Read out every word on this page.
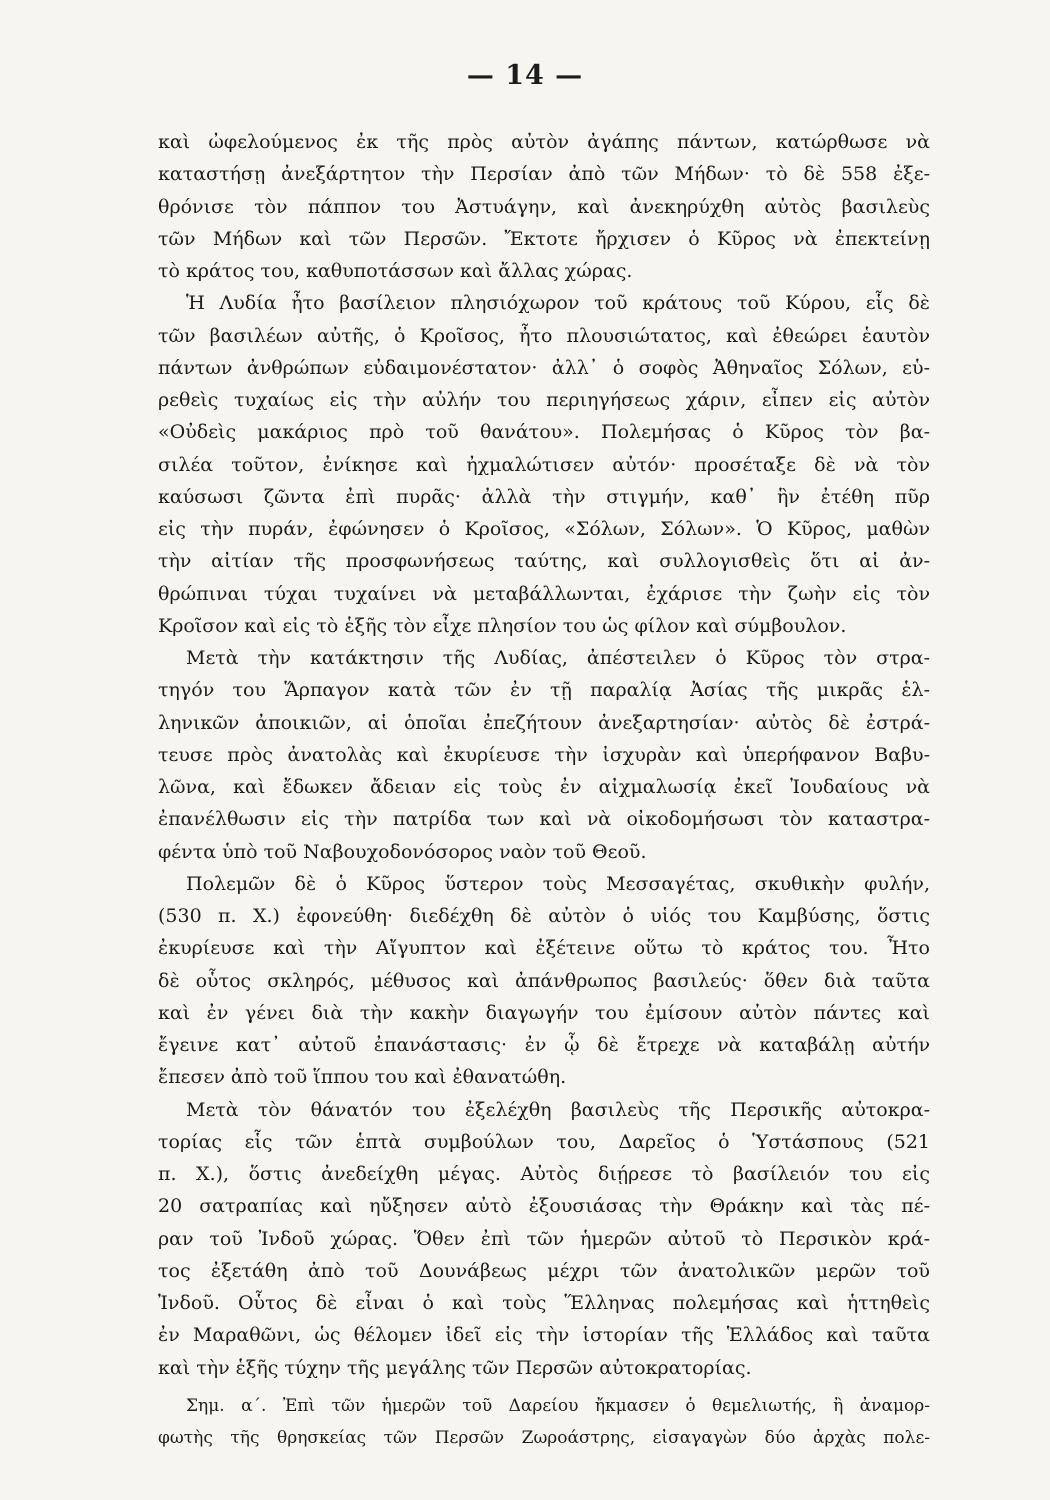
— 14 —
καὶ ὠφελούμενος ἐκ τῆς πρὸς αὐτὸν ἀγάπης πάντων, κατώρθωσε νὰ
καταστήσῃ ἀνεξάρτητον τὴν Περσίαν ἀπὸ τῶν Μήδων· τὸ δὲ 558 ἐξε-
θρόνισε τὸν πάππον του Ἀστυάγην, καὶ ἀνεκηρύχθη αὐτὸς βασιλεὺς
τῶν Μήδων καὶ τῶν Περσῶν. Ἔκτοτε ἤρχισεν ὁ Κῦρος νὰ ἐπεκτείνῃ
τὸ κράτος του, καθυποτάσσων καὶ ἄλλας χώρας.
Ἡ Λυδία ἦτο βασίλειον πλησιόχωρον τοῦ κράτους τοῦ Κύρου, εἷς δὲ
τῶν βασιλέων αὐτῆς, ὁ Κροῖσος, ἦτο πλουσιώτατος, καὶ ἐθεώρει ἑαυτὸν
πάντων ἀνθρώπων εὐδαιμονέστατον· ἀλλ᾽ ὁ σοφὸς Ἀθηναῖος Σόλων, εὑ-
ρεθεὶς τυχαίως εἰς τὴν αὐλήν του περιηγήσεως χάριν, εἶπεν εἰς αὐτὸν
«Οὐδεὶς μακάριος πρὸ τοῦ θανάτου». Πολεμήσας ὁ Κῦρος τὸν βα-
σιλέα τοῦτον, ἐνίκησε καὶ ἠχμαλώτισεν αὐτόν· προσέταξε δὲ νὰ τὸν
καύσωσι ζῶντα ἐπὶ πυρᾶς· ἀλλὰ τὴν στιγμήν, καθ᾽ ἣν ἐτέθη πῦρ
εἰς τὴν πυράν, ἐφώνησεν ὁ Κροῖσος, «Σόλων, Σόλων». Ὁ Κῦρος, μαθὼν
τὴν αἰτίαν τῆς προσφωνήσεως ταύτης, καὶ συλλογισθεὶς ὅτι αἱ ἀν-
θρώπιναι τύχαι τυχαίνει νὰ μεταβάλλωνται, ἐχάρισε τὴν ζωὴν εἰς τὸν
Κροῖσον καὶ εἰς τὸ ἑξῆς τὸν εἶχε πλησίον του ὡς φίλον καὶ σύμβουλον.
Μετὰ τὴν κατάκτησιν τῆς Λυδίας, ἀπέστειλεν ὁ Κῦρος τὸν στρα-
τηγόν του Ἅρπαγον κατὰ τῶν ἐν τῇ παραλίᾳ Ἀσίας τῆς μικρᾶς ἑλ-
ληνικῶν ἀποικιῶν, αἱ ὁποῖαι ἐπεζήτουν ἀνεξαρτησίαν· αὐτὸς δὲ ἐστρά-
τευσε πρὸς ἀνατολὰς καὶ ἐκυρίευσε τὴν ἰσχυρὰν καὶ ὑπερήφανον Βαβυ-
λῶνα, καὶ ἔδωκεν ἄδειαν εἰς τοὺς ἐν αἰχμαλωσίᾳ ἐκεῖ Ἰουδαίους νὰ
ἐπανέλθωσιν εἰς τὴν πατρίδα των καὶ νὰ οἰκοδομήσωσι τὸν καταστρα-
φέντα ὑπὸ τοῦ Ναβουχοδονόσορος ναὸν τοῦ Θεοῦ.
Πολεμῶν δὲ ὁ Κῦρος ὕστερον τοὺς Μεσσαγέτας, σκυθικὴν φυλήν,
(530 π. Χ.) ἐφονεύθη· διεδέχθη δὲ αὐτὸν ὁ υἱός του Καμβύσης, ὅστις
ἐκυρίευσε καὶ τὴν Αἴγυπτον καὶ ἐξέτεινε οὕτω τὸ κράτος του. Ἦτο
δὲ οὗτος σκληρός, μέθυσος καὶ ἀπάνθρωπος βασιλεύς· ὅθεν διὰ ταῦτα
καὶ ἐν γένει διὰ τὴν κακὴν διαγωγήν του ἐμίσουν αὐτὸν πάντες καὶ
ἔγεινε κατ᾽ αὐτοῦ ἐπανάστασις· ἐν ᾧ δὲ ἔτρεχε νὰ καταβάλῃ αὐτήν
ἔπεσεν ἀπὸ τοῦ ἵππου του καὶ ἐθανατώθη.
Μετὰ τὸν θάνατόν του ἐξελέχθη βασιλεὺς τῆς Περσικῆς αὐτοκρα-
τορίας εἷς τῶν ἑπτὰ συμβούλων του, Δαρεῖος ὁ Ὑστάσπους (521
π. Χ.), ὅστις ἀνεδείχθη μέγας. Αὐτὸς διῄρεσε τὸ βασίλειόν του εἰς
20 σατραπίας καὶ ηὔξησεν αὐτὸ ἐξουσιάσας τὴν Θράκην καὶ τὰς πέ-
ραν τοῦ Ἰνδοῦ χώρας. Ὅθεν ἐπὶ τῶν ἡμερῶν αὐτοῦ τὸ Περσικὸν κρά-
τος ἐξετάθη ἀπὸ τοῦ Δουνάβεως μέχρι τῶν ἀνατολικῶν μερῶν τοῦ
Ἰνδοῦ. Οὗτος δὲ εἶναι ὁ καὶ τοὺς Ἕλληνας πολεμήσας καὶ ἡττηθεὶς
ἐν Μαραθῶνι, ὡς θέλομεν ἰδεῖ εἰς τὴν ἱστορίαν τῆς Ἑλλάδος καὶ ταῦτα
καὶ τὴν ἑξῆς τύχην τῆς μεγάλης τῶν Περσῶν αὐτοκρατορίας.
Σημ. α΄. Ἐπὶ τῶν ἡμερῶν τοῦ Δαρείου ἤκμασεν ὁ θεμελιωτής, ἢ ἀναμορ-
φωτὴς τῆς θρησκείας τῶν Περσῶν Ζωροάστρης, εἰσαγαγὼν δύο ἀρχὰς πολε-
